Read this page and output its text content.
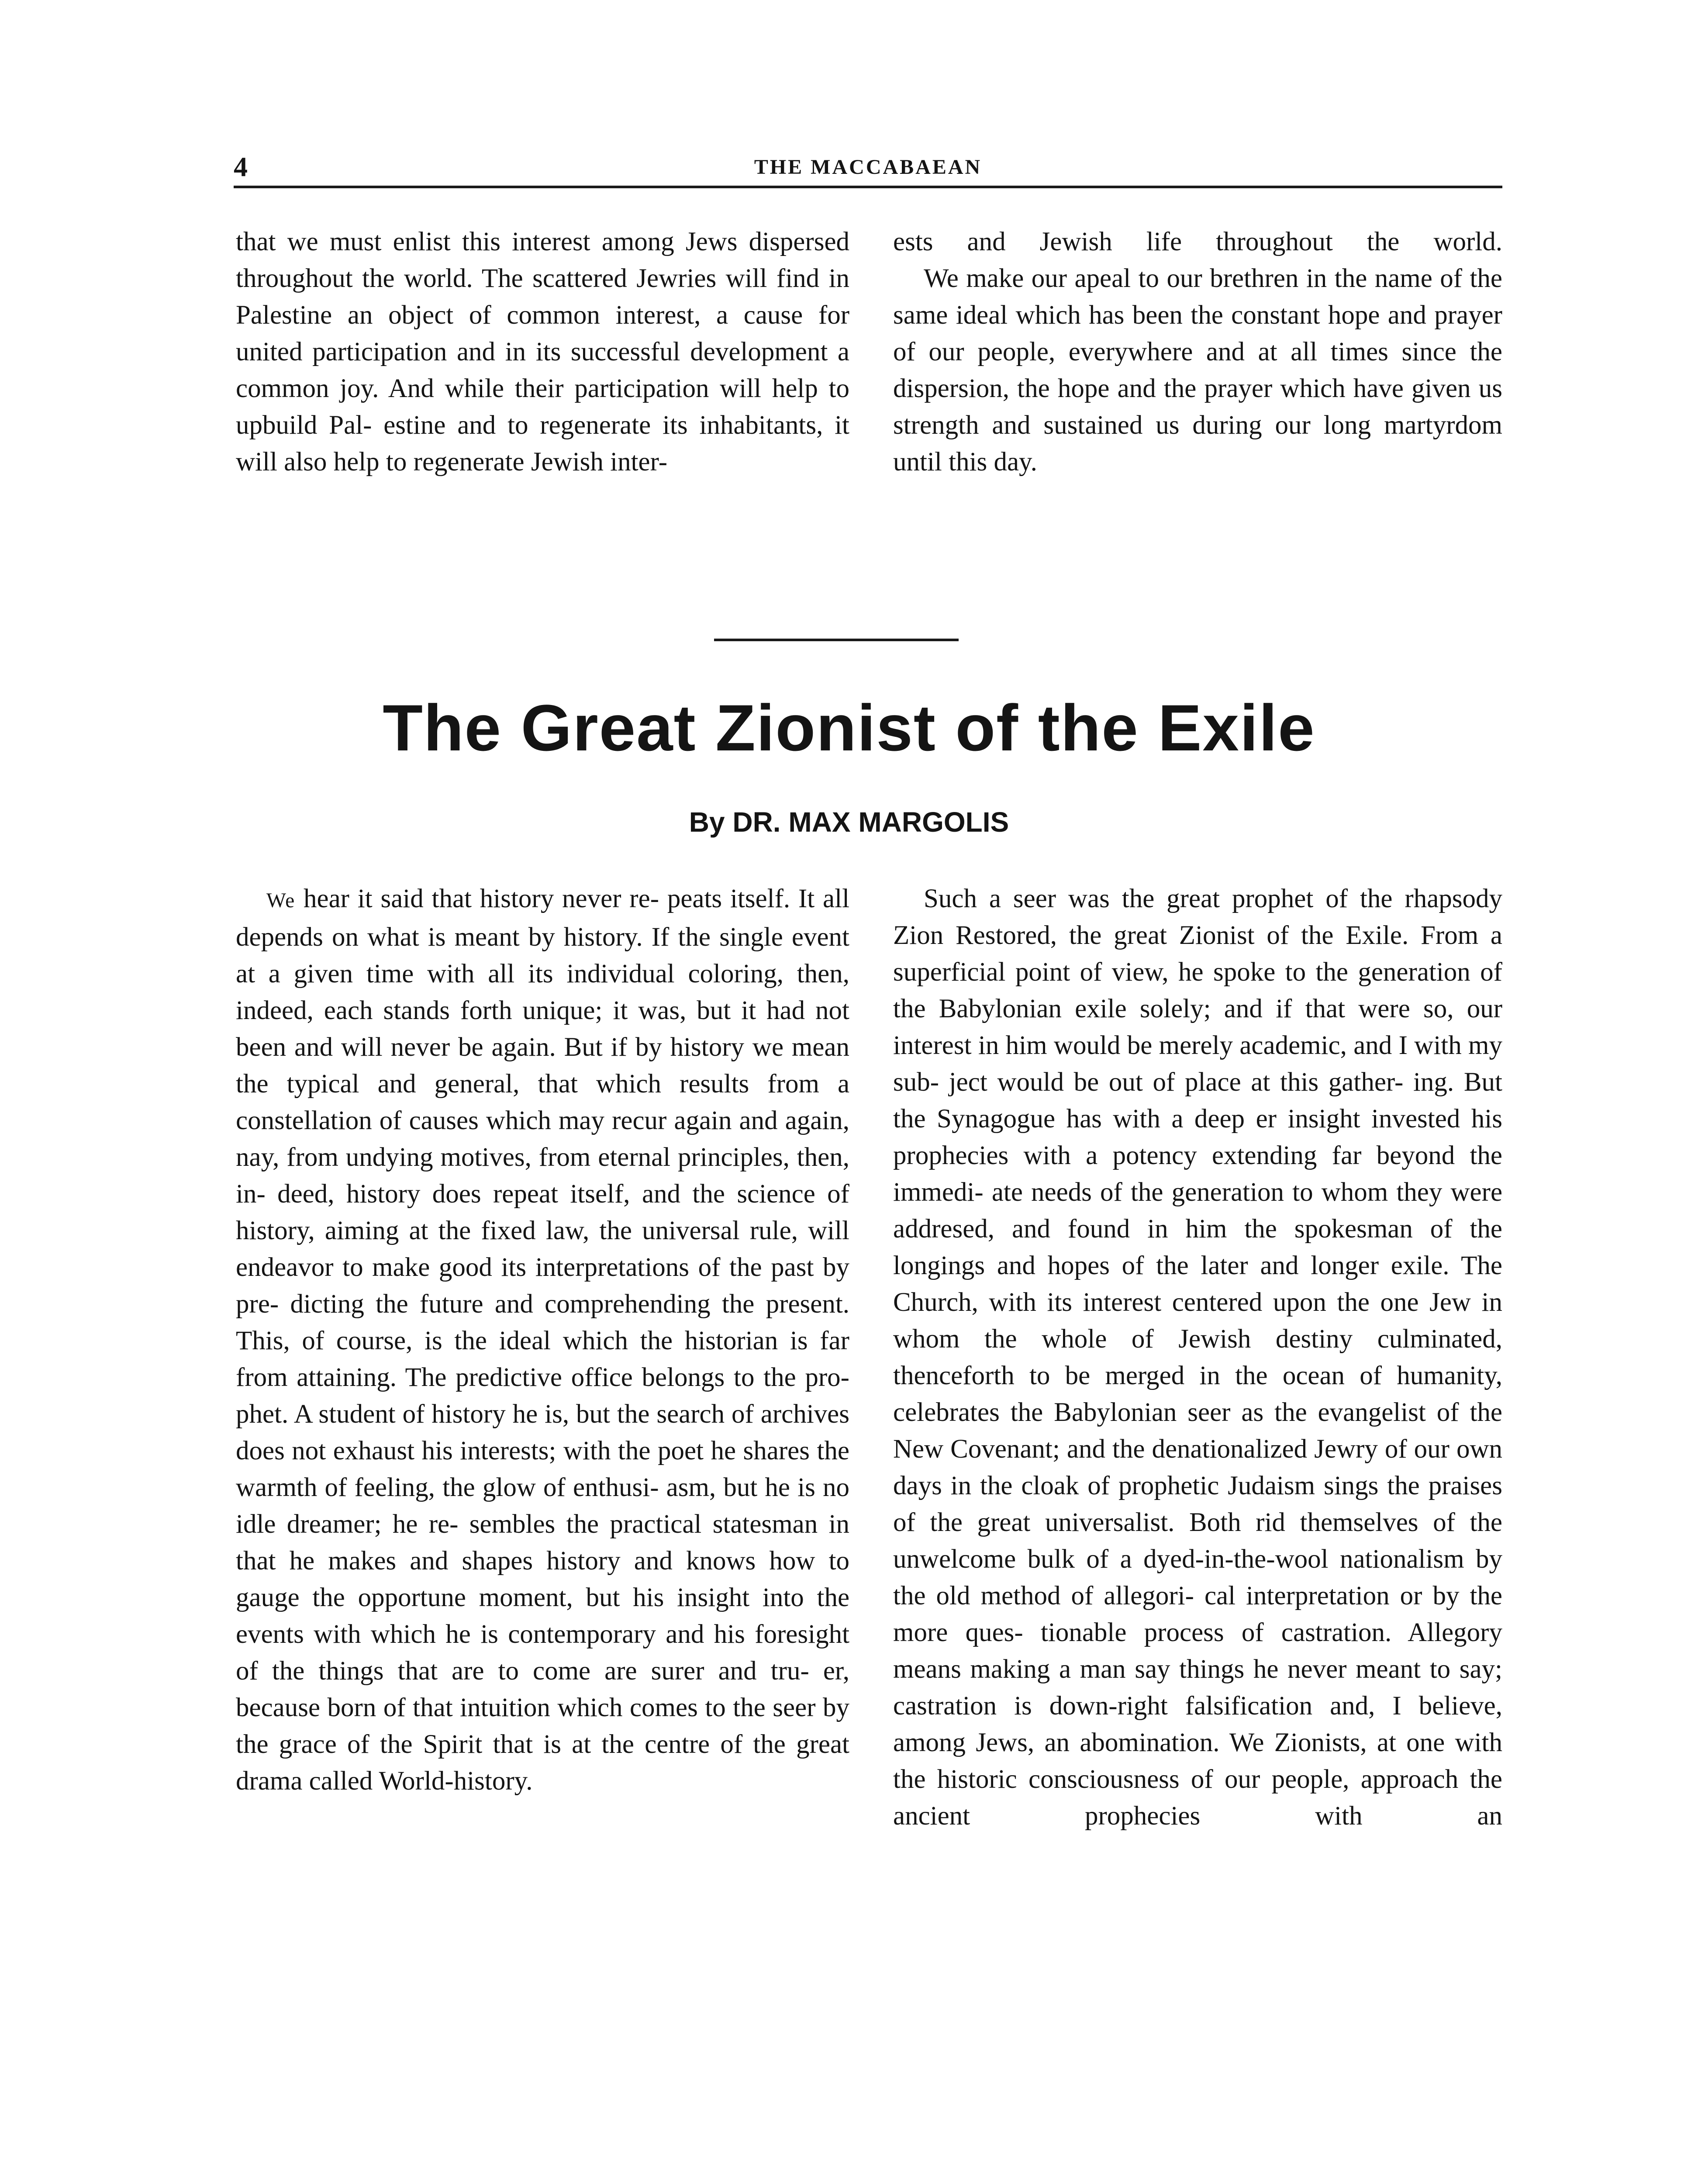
4	THE MACCABAEAN

that we must enlist this interest among Jews dispersed throughout the world. The scattered Jewries will find in Palestine an object of common interest, a cause for united participation and in its successful development a common joy. And while their participation will help to upbuild Pal- estine and to regenerate its inhabitants, it will also help to regenerate Jewish inter-

ests and Jewish life throughout the world.

We make our apeal to our brethren in the name of the same ideal which has been the constant hope and prayer of our people, everywhere and at all times since the dispersion, the hope and the prayer which have given us strength and sustained us during our long martyrdom until this day.

The Great Zionist of the Exile
By DR. MAX MARGOLIS

We hear it said that history never re- peats itself. It all depends on what is meant by history. If the single event at a given time with all its individual coloring, then, indeed, each stands forth unique; it was, but it had not been and will never be again. But if by history we mean the typical and general, that which results from a constellation of causes which may recur again and again, nay, from undying motives, from eternal principles, then, in- deed, history does repeat itself, and the science of history, aiming at the fixed law, the universal rule, will endeavor to make good its interpretations of the past by pre- dicting the future and comprehending the present. This, of course, is the ideal which the historian is far from attaining. The predictive office belongs to the pro- phet. A student of history he is, but the search of archives does not exhaust his interests; with the poet he shares the warmth of feeling, the glow of enthusi- asm, but he is no idle dreamer; he re- sembles the practical statesman in that he makes and shapes history and knows how to gauge the opportune moment, but his insight into the events with which he is contemporary and his foresight of the things that are to come are surer and tru- er, because born of that intuition which comes to the seer by the grace of the Spirit that is at the centre of the great drama called World-history.

Such a seer was the great prophet of the rhapsody Zion Restored, the great Zionist of the Exile. From a superficial point of view, he spoke to the generation of the Babylonian exile solely; and if that were so, our interest in him would be merely academic, and I with my sub- ject would be out of place at this gather- ing. But the Synagogue has with a deep er insight invested his prophecies with a potency extending far beyond the immedi- ate needs of the generation to whom they were addresed, and found in him the spokesman of the longings and hopes of the later and longer exile. The Church, with its interest centered upon the one Jew in whom the whole of Jewish destiny culminated, thenceforth to be merged in the ocean of humanity, celebrates the Babylonian seer as the evangelist of the New Covenant; and the denationalized Jewry of our own days in the cloak of prophetic Judaism sings the praises of the great universalist. Both rid themselves of the unwelcome bulk of a dyed-in-the-wool nationalism by the old method of allegori- cal interpretation or by the more ques- tionable process of castration. Allegory means making a man say things he never meant to say; castration is down-right falsification and, I believe, among Jews, an abomination. We Zionists, at one with the historic consciousness of our people, approach the ancient prophecies with an
